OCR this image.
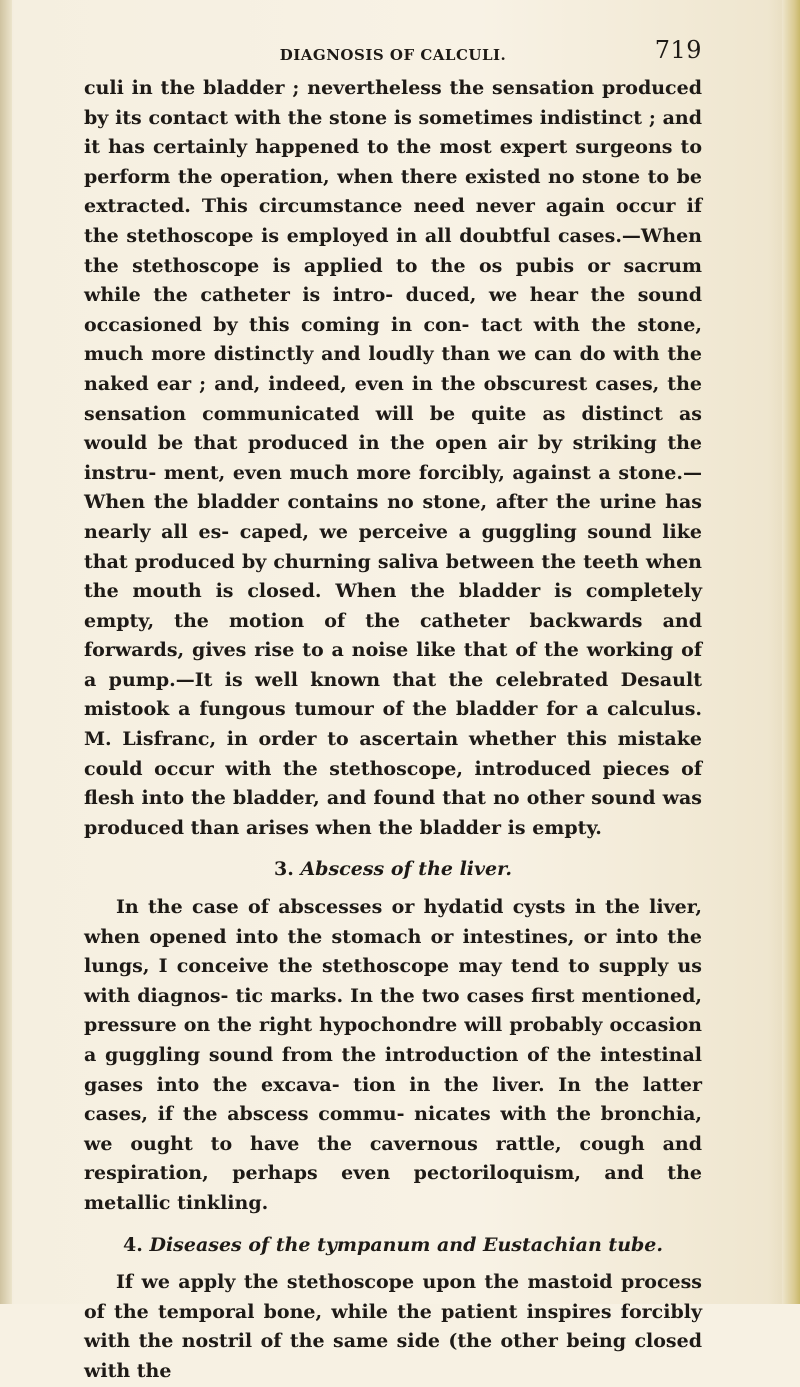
DIAGNOSIS OF CALCULI.	719

culi in the bladder ; nevertheless the sensation produced by its contact with the stone is sometimes indistinct ; and it has certainly happened to the most expert surgeons to perform the operation, when there existed no stone to be extracted. This circumstance need never again occur if the stethoscope is employed in all doubtful cases.—When the stethoscope is applied to the os pubis or sacrum while the catheter is intro- duced, we hear the sound occasioned by this coming in con- tact with the stone, much more distinctly and loudly than we can do with the naked ear ; and, indeed, even in the obscurest cases, the sensation communicated will be quite as distinct as would be that produced in the open air by striking the instru- ment, even much more forcibly, against a stone.—When the bladder contains no stone, after the urine has nearly all es- caped, we perceive a guggling sound like that produced by churning saliva between the teeth when the mouth is closed. When the bladder is completely empty, the motion of the catheter backwards and forwards, gives rise to a noise like that of the working of a pump.—It is well known that the celebrated Desault mistook a fungous tumour of the bladder for a calculus. M. Lisfranc, in order to ascertain whether this mistake could occur with the stethoscope, introduced pieces of flesh into the bladder, and found that no other sound was produced than arises when the bladder is empty.

3. Abscess of the liver.

In the case of abscesses or hydatid cysts in the liver, when opened into the stomach or intestines, or into the lungs, I conceive the stethoscope may tend to supply us with diagnos- tic marks. In the two cases first mentioned, pressure on the right hypochondre will probably occasion a guggling sound from the introduction of the intestinal gases into the excava- tion in the liver. In the latter cases, if the abscess commu- nicates with the bronchia, we ought to have the cavernous rattle, cough and respiration, perhaps even pectoriloquism, and the metallic tinkling.

4. Diseases of the tympanum and Eustachian tube.

If we apply the stethoscope upon the mastoid process of the temporal bone, while the patient inspires forcibly with the nostril of the same side (the other being closed with the
